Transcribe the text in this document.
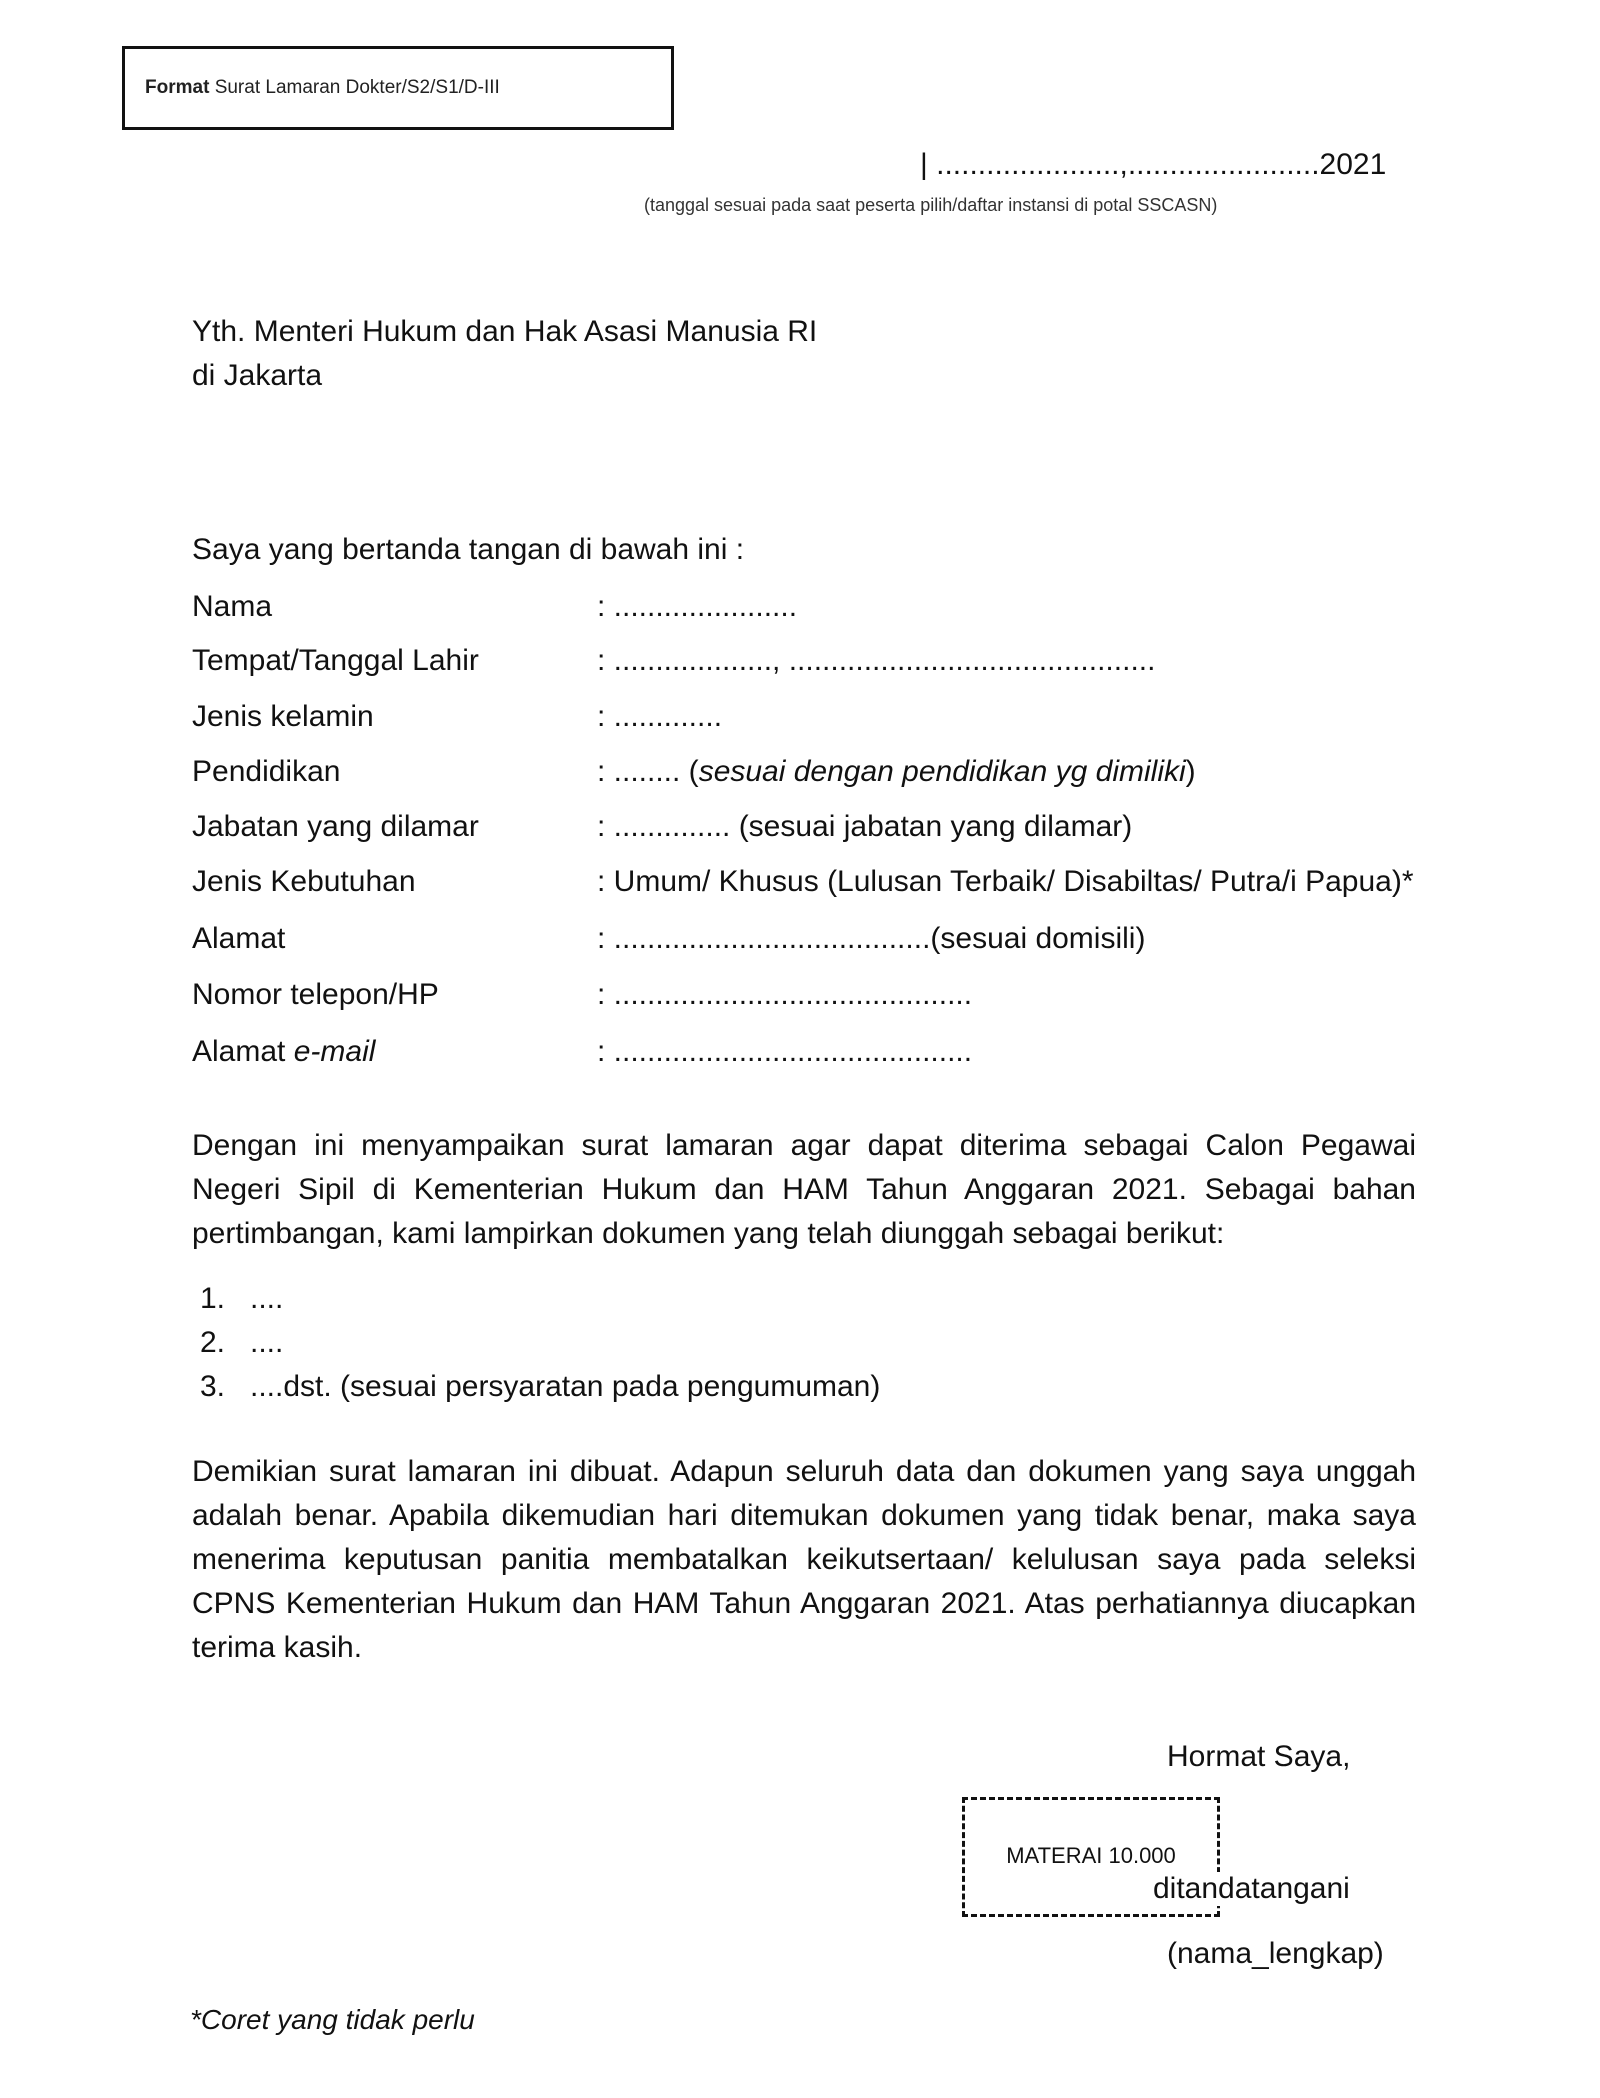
Format Surat Lamaran Dokter/S2/S1/D-III
| ......................,.......................2021
(tanggal sesuai pada saat peserta pilih/daftar instansi di potal SSCASN)
Yth. Menteri Hukum dan Hak Asasi Manusia RI
di Jakarta
Saya yang bertanda tangan di bawah ini :
Nama	: ......................
Tempat/Tanggal Lahir	: ..................., ............................................
Jenis kelamin	: .............
Pendidikan	: ........ (sesuai dengan pendidikan yg dimiliki)
Jabatan yang dilamar	: .............. (sesuai jabatan yang dilamar)
Jenis Kebutuhan	: Umum/ Khusus (Lulusan Terbaik/ Disabiltas/ Putra/i Papua)*
Alamat	: ......................................(sesuai domisili)
Nomor telepon/HP	: ...........................................
Alamat e-mail	: ...........................................
Dengan ini menyampaikan surat lamaran agar dapat diterima sebagai Calon Pegawai Negeri Sipil di Kementerian Hukum dan HAM Tahun Anggaran 2021. Sebagai bahan pertimbangan, kami lampirkan dokumen yang telah diunggah sebagai berikut:
1. ....
2. ....
3. ....dst. (sesuai persyaratan pada pengumuman)
Demikian surat lamaran ini dibuat. Adapun seluruh data dan dokumen yang saya unggah adalah benar. Apabila dikemudian hari ditemukan dokumen yang tidak benar, maka saya menerima keputusan panitia membatalkan keikutsertaan/ kelulusan saya pada seleksi CPNS Kementerian Hukum dan HAM Tahun Anggaran 2021. Atas perhatiannya diucapkan terima kasih.
Hormat Saya,
MATERAI 10.000
ditandatangani
(nama_lengkap)
*Coret yang tidak perlu
